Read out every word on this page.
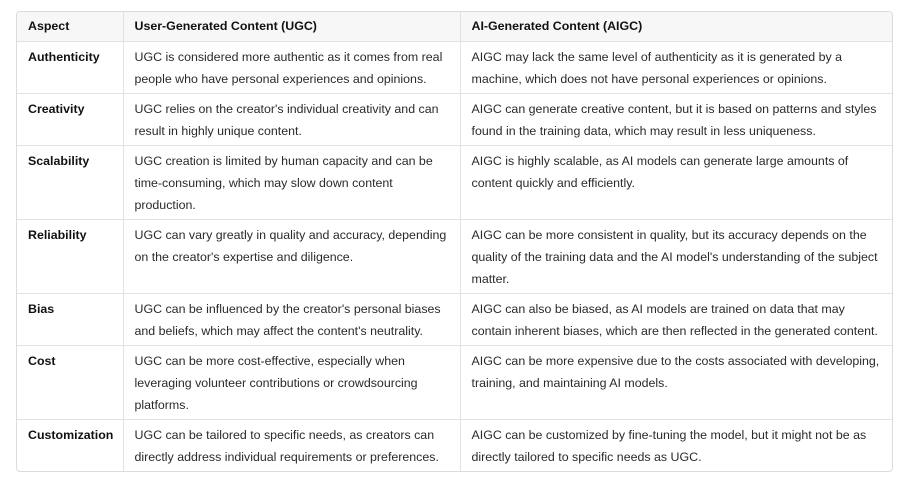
Aspect	User-Generated Content (UGC)	AI-Generated Content (AIGC)
Authenticity	UGC is considered more authentic as it comes from real people who have personal experiences and opinions.	AIGC may lack the same level of authenticity as it is generated by a machine, which does not have personal experiences or opinions.
Creativity	UGC relies on the creator's individual creativity and can result in highly unique content.	AIGC can generate creative content, but it is based on patterns and styles found in the training data, which may result in less uniqueness.
Scalability	UGC creation is limited by human capacity and can be time-consuming, which may slow down content production.	AIGC is highly scalable, as AI models can generate large amounts of content quickly and efficiently.
Reliability	UGC can vary greatly in quality and accuracy, depending on the creator's expertise and diligence.	AIGC can be more consistent in quality, but its accuracy depends on the quality of the training data and the AI model's understanding of the subject matter.
Bias	UGC can be influenced by the creator's personal biases and beliefs, which may affect the content's neutrality.	AIGC can also be biased, as AI models are trained on data that may contain inherent biases, which are then reflected in the generated content.
Cost	UGC can be more cost-effective, especially when leveraging volunteer contributions or crowdsourcing platforms.	AIGC can be more expensive due to the costs associated with developing, training, and maintaining AI models.
Customization	UGC can be tailored to specific needs, as creators can directly address individual requirements or preferences.	AIGC can be customized by fine-tuning the model, but it might not be as directly tailored to specific needs as UGC.
